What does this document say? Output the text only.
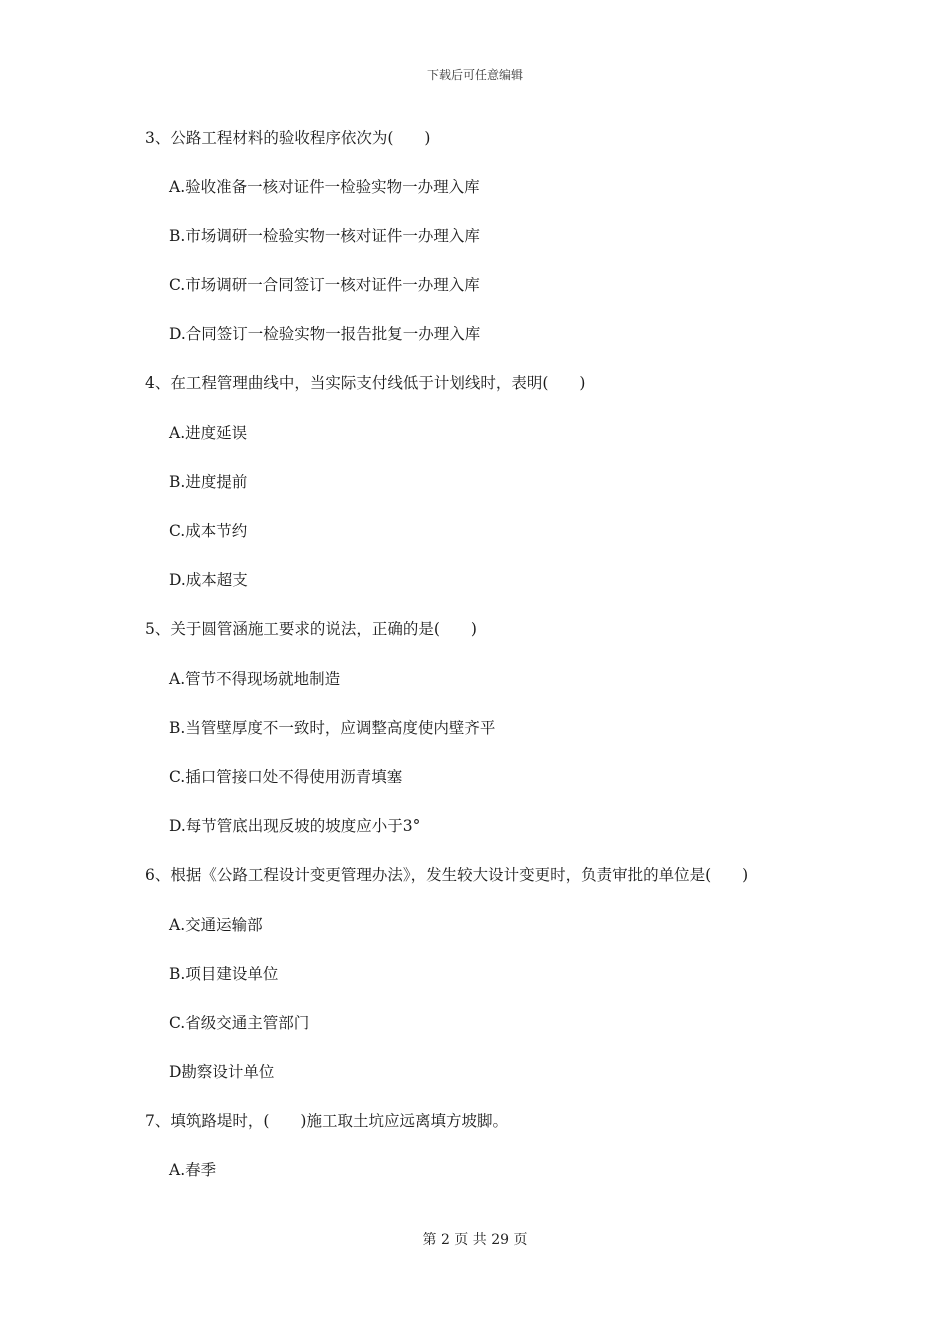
下载后可任意编辑
3、公路工程材料的验收程序依次为(　　)
A.验收准备一核对证件一检验实物一办理入库
B.市场调研一检验实物一核对证件一办理入库
C.市场调研一合同签订一核对证件一办理入库
D.合同签订一检验实物一报告批复一办理入库
4、在工程管理曲线中，当实际支付线低于计划线时，表明(　　)
A.进度延误
B.进度提前
C.成本节约
D.成本超支
5、关于圆管涵施工要求的说法，正确的是(　　)
A.管节不得现场就地制造
B.当管壁厚度不一致时，应调整高度使内壁齐平
C.插口管接口处不得使用沥青填塞
D.每节管底出现反坡的坡度应小于3°
6、根据《公路工程设计变更管理办法》，发生较大设计变更时，负责审批的单位是(　　)
A.交通运输部
B.项目建设单位
C.省级交通主管部门
D勘察设计单位
7、填筑路堤时，(　　)施工取土坑应远离填方坡脚。
A.春季
第 2 页 共 29 页
